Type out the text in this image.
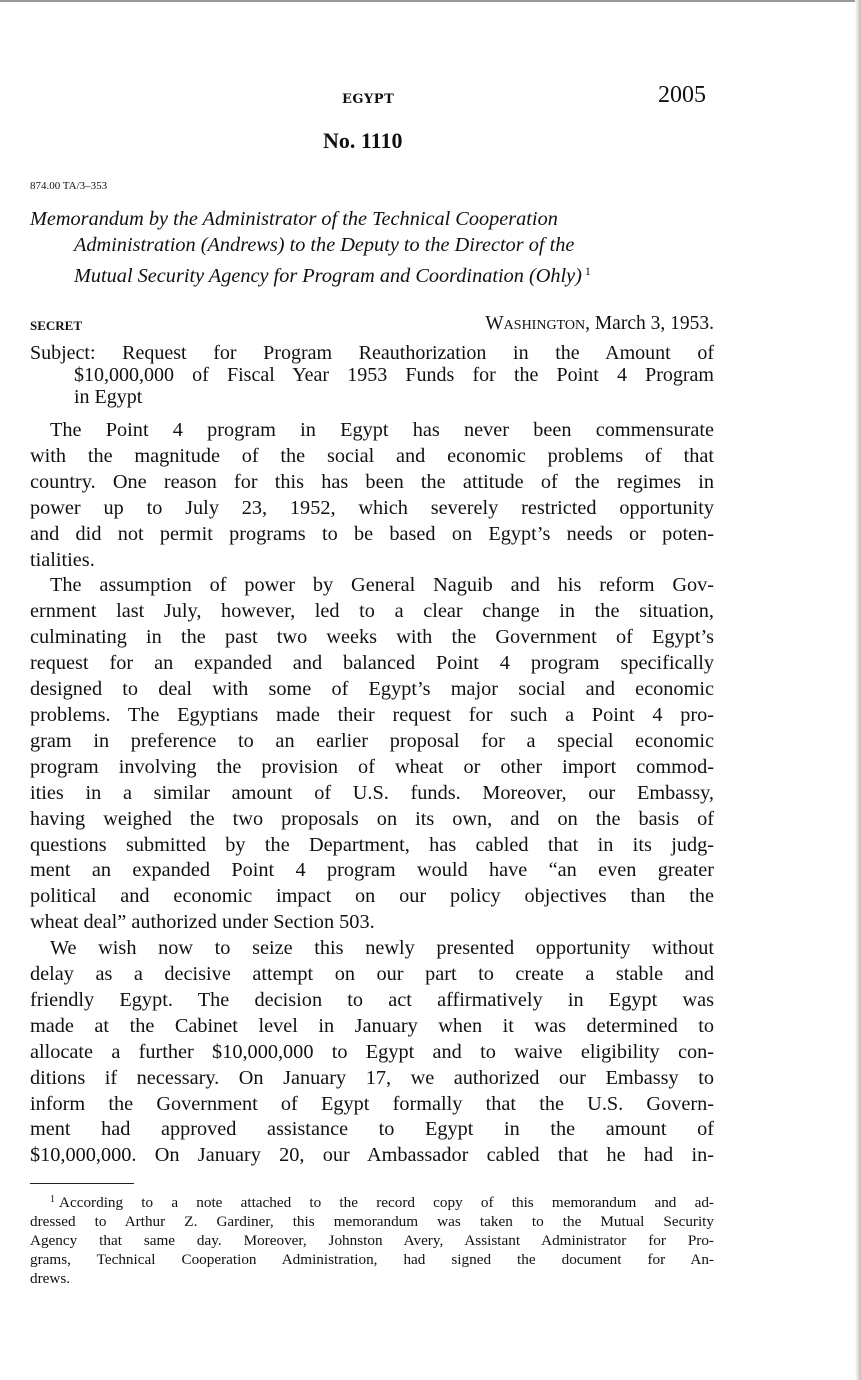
EGYPT	2005
No. 1110
874.00 TA/3–353
Memorandum by the Administrator of the Technical Cooperation
Administration (Andrews) to the Deputy to the Director of the
Mutual Security Agency for Program and Coordination (Ohly) $^1$
SECRET	Washington, March 3, 1953.
Subject: Request for Program Reauthorization in the Amount of
$10,000,000 of Fiscal Year 1953 Funds for the Point 4 Program
in Egypt
The Point 4 program in Egypt has never been commensurate
with the magnitude of the social and economic problems of that
country. One reason for this has been the attitude of the regimes in
power up to July 23, 1952, which severely restricted opportunity
and did not permit programs to be based on Egypt’s needs or poten-
tialities.
The assumption of power by General Naguib and his reform Gov-
ernment last July, however, led to a clear change in the situation,
culminating in the past two weeks with the Government of Egypt’s
request for an expanded and balanced Point 4 program specifically
designed to deal with some of Egypt’s major social and economic
problems. The Egyptians made their request for such a Point 4 pro-
gram in preference to an earlier proposal for a special economic
program involving the provision of wheat or other import commod-
ities in a similar amount of U.S. funds. Moreover, our Embassy,
having weighed the two proposals on its own, and on the basis of
questions submitted by the Department, has cabled that in its judg-
ment an expanded Point 4 program would have “an even greater
political and economic impact on our policy objectives than the
wheat deal” authorized under Section 503.
We wish now to seize this newly presented opportunity without
delay as a decisive attempt on our part to create a stable and
friendly Egypt. The decision to act affirmatively in Egypt was
made at the Cabinet level in January when it was determined to
allocate a further $10,000,000 to Egypt and to waive eligibility con-
ditions if necessary. On January 17, we authorized our Embassy to
inform the Government of Egypt formally that the U.S. Govern-
ment had approved assistance to Egypt in the amount of
$10,000,000. On January 20, our Ambassador cabled that he had in-
$^1$ According to a note attached to the record copy of this memorandum and ad-
dressed to Arthur Z. Gardiner, this memorandum was taken to the Mutual Security
Agency that same day. Moreover, Johnston Avery, Assistant Administrator for Pro-
grams, Technical Cooperation Administration, had signed the document for An-
drews.
